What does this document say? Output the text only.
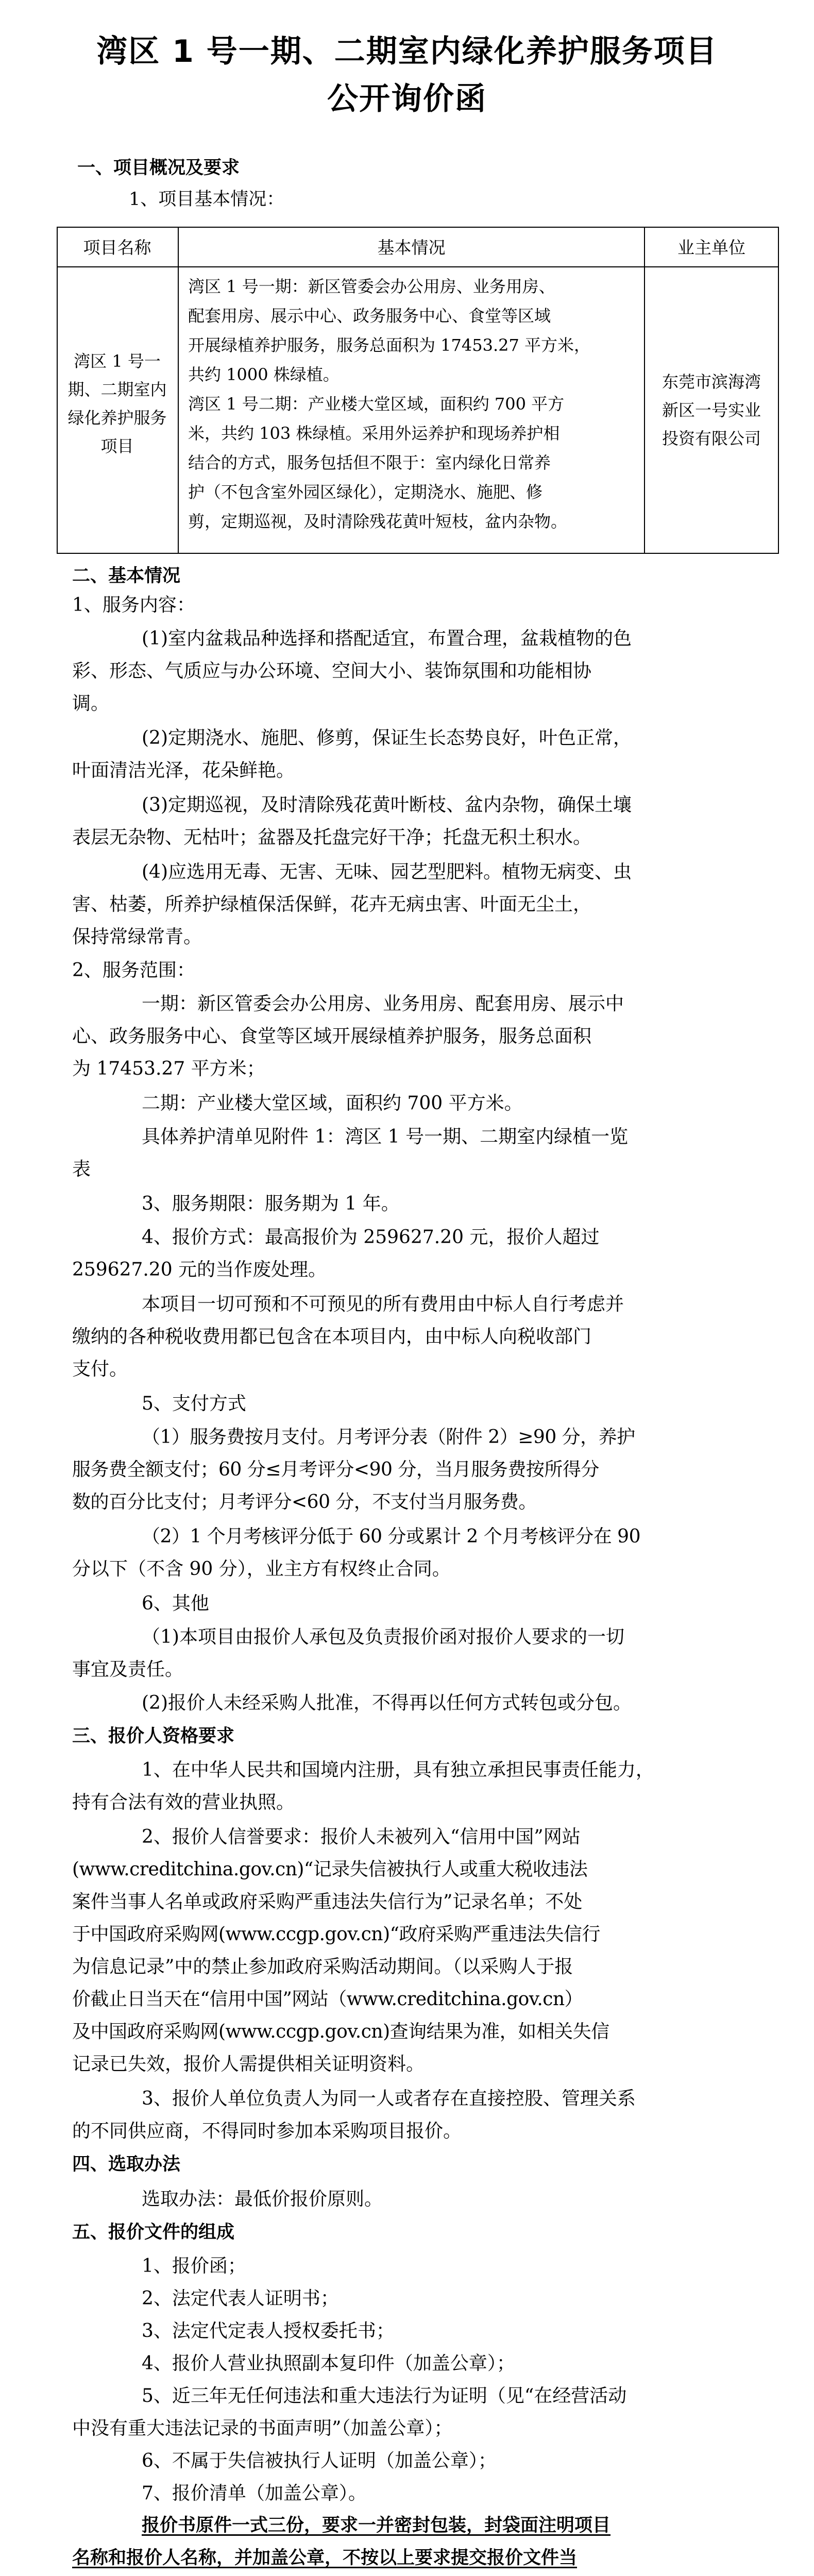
湾区 1 号一期、二期室内绿化养护服务项目
公开询价函
一、项目概况及要求
1、项目基本情况：
项目名称	基本情况	业主单位
湾区 1 号一
期、二期室内
绿化养护服务
项目
湾区 1 号一期：新区管委会办公用房、业务用房、
配套用房、展示中心、政务服务中心、食堂等区域
开展绿植养护服务，服务总面积为 17453.27 平方米，
共约 1000 株绿植。
湾区 1 号二期：产业楼大堂区域，面积约 700 平方
米，共约 103 株绿植。采用外运养护和现场养护相
结合的方式，服务包括但不限于：室内绿化日常养
护（不包含室外园区绿化），定期浇水、施肥、修
剪，定期巡视，及时清除残花黄叶短枝，盆内杂物。
东莞市滨海湾
新区一号实业
投资有限公司
二、基本情况
1、服务内容：
(1)室内盆栽品种选择和搭配适宜，布置合理，盆栽植物的色
彩、形态、气质应与办公环境、空间大小、装饰氛围和功能相协
调。
(2)定期浇水、施肥、修剪，保证生长态势良好，叶色正常，
叶面清洁光泽，花朵鲜艳。
(3)定期巡视，及时清除残花黄叶断枝、盆内杂物，确保土壤
表层无杂物、无枯叶；盆器及托盘完好干净；托盘无积土积水。
(4)应选用无毒、无害、无味、园艺型肥料。植物无病变、虫
害、枯萎，所养护绿植保活保鲜，花卉无病虫害、叶面无尘土，
保持常绿常青。
2、服务范围：
一期：新区管委会办公用房、业务用房、配套用房、展示中
心、政务服务中心、食堂等区域开展绿植养护服务，服务总面积
为 17453.27 平方米；
二期：产业楼大堂区域，面积约 700 平方米。
具体养护清单见附件 1：湾区 1 号一期、二期室内绿植一览
表
3、服务期限：服务期为 1 年。
4、报价方式：最高报价为 259627.20 元，报价人超过
259627.20 元的当作废处理。
本项目一切可预和不可预见的所有费用由中标人自行考虑并
缴纳的各种税收费用都已包含在本项目内，由中标人向税收部门
支付。
5、支付方式
（1）服务费按月支付。月考评分表（附件 2）≥90 分，养护
服务费全额支付；60 分≤月考评分<90 分，当月服务费按所得分
数的百分比支付；月考评分<60 分，不支付当月服务费。
（2）1 个月考核评分低于 60 分或累计 2 个月考核评分在 90
分以下（不含 90 分），业主方有权终止合同。
6、其他
（1)本项目由报价人承包及负责报价函对报价人要求的一切
事宜及责任。
(2)报价人未经采购人批准，不得再以任何方式转包或分包。
三、报价人资格要求
1、在中华人民共和国境内注册，具有独立承担民事责任能力，
持有合法有效的营业执照。
2、报价人信誉要求：报价人未被列入“信用中国”网站
(www.creditchina.gov.cn)“记录失信被执行人或重大税收违法
案件当事人名单或政府采购严重违法失信行为”记录名单；不处
于中国政府采购网(www.ccgp.gov.cn)“政府采购严重违法失信行
为信息记录”中的禁止参加政府采购活动期间。（以采购人于报
价截止日当天在“信用中国”网站（www.creditchina.gov.cn）
及中国政府采购网(www.ccgp.gov.cn)查询结果为准，如相关失信
记录已失效，报价人需提供相关证明资料。
3、报价人单位负责人为同一人或者存在直接控股、管理关系
的不同供应商，不得同时参加本采购项目报价。
四、选取办法
选取办法：最低价报价原则。
五、报价文件的组成
1、报价函；
2、法定代表人证明书；
3、法定代定表人授权委托书；
4、报价人营业执照副本复印件（加盖公章）；
5、近三年无任何违法和重大违法行为证明（见“在经营活动
中没有重大违法记录的书面声明”（加盖公章）；
6、不属于失信被执行人证明（加盖公章）；
7、报价清单（加盖公章）。
报价书原件一式三份，要求一并密封包装，封袋面注明项目
名称和报价人名称，并加盖公章，不按以上要求提交报价文件当
